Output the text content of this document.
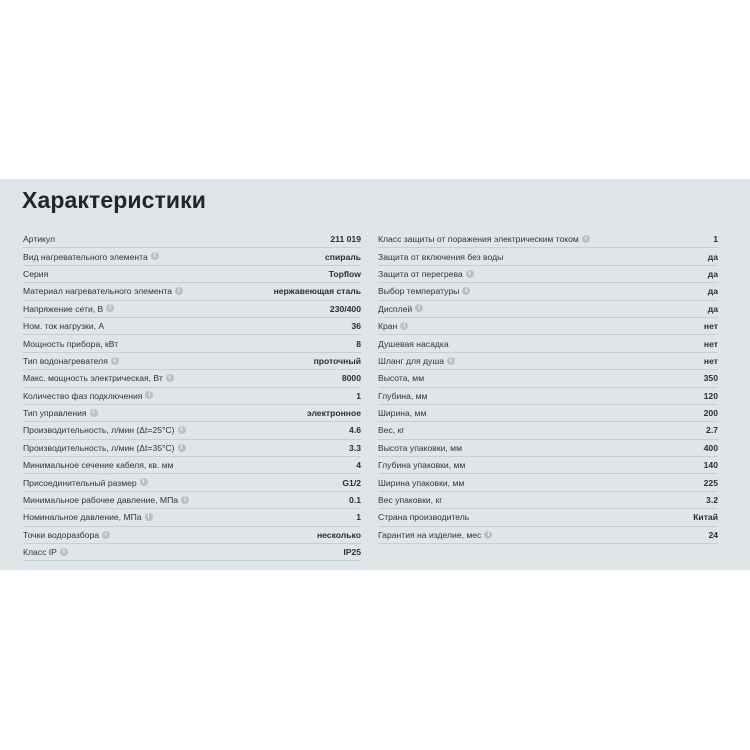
Характеристики
Артикул	211 019
Вид нагревательного элемента i	спираль
Серия	Topflow
Материал нагревательного элемента i	нержавеющая сталь
Напряжение сети, В i	230/400
Ном. ток нагрузки, А	36
Мощность прибора, кВт	8
Тип водонагревателя i	проточный
Макс. мощность электрическая, Вт i	8000
Количество фаз подключения i	1
Тип управления i	электронное
Производительность, л/мин (Δt=25°C) i	4.6
Производительность, л/мин (Δt=35°C) i	3.3
Минимальное сечение кабеля, кв. мм	4
Присоединительный размер i	G1/2
Минимальное рабочее давление, МПа i	0.1
Номинальное давление, МПа i	1
Точки водоразбора i	несколько
Класс IP i	IP25
Класс защиты от поражения электрическим током i	1
Защита от включения без воды	да
Защита от перегрева i	да
Выбор температуры i	да
Дисплей i	да
Кран i	нет
Душевая насадка	нет
Шланг для душа i	нет
Высота, мм	350
Глубина, мм	120
Ширина, мм	200
Вес, кг	2.7
Высота упаковки, мм	400
Глубина упаковки, мм	140
Ширина упаковки, мм	225
Вес упаковки, кг	3.2
Страна производитель	Китай
Гарантия на изделие, мес i	24
